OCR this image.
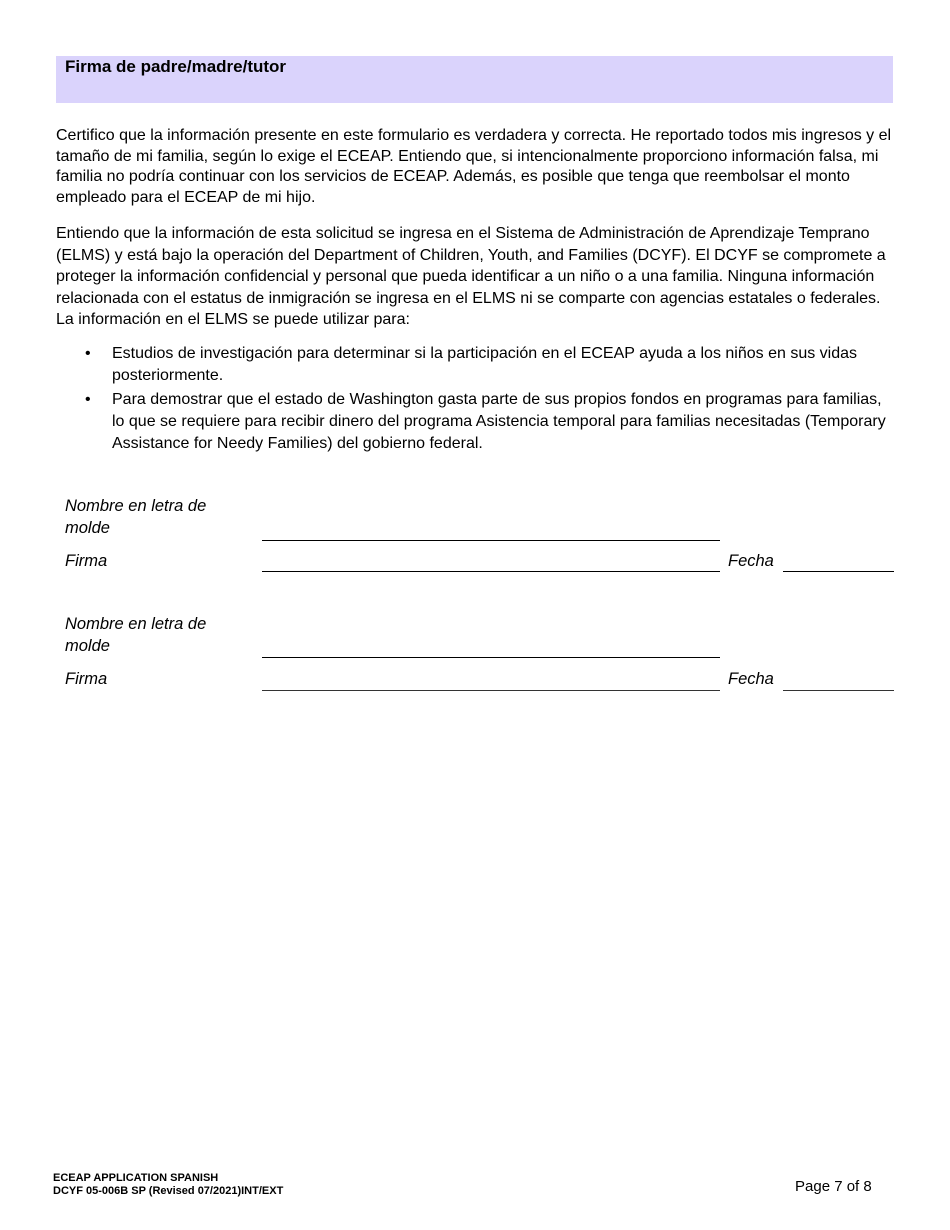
Firma de padre/madre/tutor

Certifico que la información presente en este formulario es verdadera y correcta. He reportado todos mis ingresos y el tamaño de mi familia, según lo exige el ECEAP. Entiendo que, si intencionalmente proporciono información falsa, mi familia no podría continuar con los servicios de ECEAP. Además, es posible que tenga que reembolsar el monto empleado para el ECEAP de mi hijo.

Entiendo que la información de esta solicitud se ingresa en el Sistema de Administración de Aprendizaje Temprano (ELMS) y está bajo la operación del Department of Children, Youth, and Families (DCYF). El DCYF se compromete a proteger la información confidencial y personal que pueda identificar a un niño o a una familia. Ninguna información relacionada con el estatus de inmigración se ingresa en el ELMS ni se comparte con agencias estatales o federales. La información en el ELMS se puede utilizar para:

• Estudios de investigación para determinar si la participación en el ECEAP ayuda a los niños en sus vidas posteriormente.
• Para demostrar que el estado de Washington gasta parte de sus propios fondos en programas para familias, lo que se requiere para recibir dinero del programa Asistencia temporal para familias necesitadas (Temporary Assistance for Needy Families) del gobierno federal.
Nombre en letra de molde
Firma	Fecha
Nombre en letra de molde
Firma	Fecha
ECEAP APPLICATION SPANISH
DCYF 05-006B SP (Revised 07/2021)INT/EXT	Page 7 of 8
